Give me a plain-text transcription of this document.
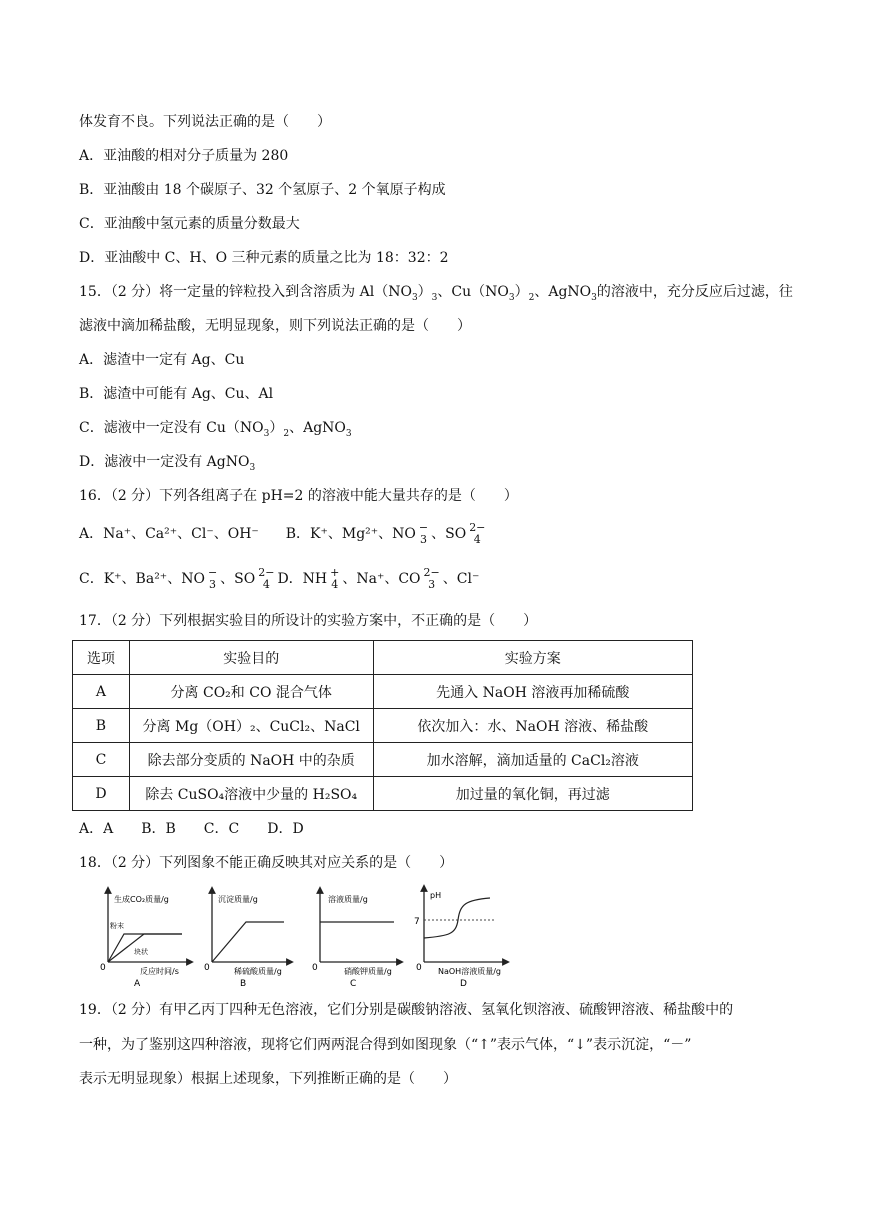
体发育不良。下列说法正确的是（　　）
A．亚油酸的相对分子质量为 280
B．亚油酸由 18 个碳原子、32 个氢原子、2 个氧原子构成
C．亚油酸中氢元素的质量分数最大
D．亚油酸中 C、H、O 三种元素的质量之比为 18：32：2
15．（2 分）将一定量的锌粒投入到含溶质为 $Al(NO_3)_3$、$Cu(NO_3)_2$、AgNO$_3$的溶液中，充分反应后过滤，往
滤液中滴加稀盐酸，无明显现象，则下列说法正确的是（　　）
A．滤渣中一定有 Ag、Cu
B．滤渣中可能有 Ag、Cu、Al
C．滤液中一定没有 $Cu(NO_3)_2$、AgNO$_3$
D．滤液中一定没有 AgNO$_3$
16．（2 分）下列各组离子在 pH=2 的溶液中能大量共存的是（　　）
A．Na⁺、Ca²⁺、Cl⁻、OH⁻ B．K⁺、Mg²⁺、NO −
3 、SO 2−
4
C．K⁺、Ba²⁺、NO −
3 、SO 2−
4 D．NH +
4 、Na⁺、CO 2−
3 、Cl⁻
17．（2 分）下列根据实验目的所设计的实验方案中，不正确的是（　　）
选项	实验目的	实验方案
A	分离 CO₂和 CO 混合气体	先通入 NaOH 溶液再加稀硫酸
B	分离 Mg（OH）₂、CuCl₂、NaCl	依次加入：水、NaOH 溶液、稀盐酸
C	除去部分变质的 NaOH 中的杂质	加水溶解，滴加适量的 CaCl₂溶液
D	除去 CuSO₄溶液中少量的 H₂SO₄	加过量的氧化铜，再过滤
A．A　　B．B　　C．C　　D．D
18．（2 分）下列图象不能正确反映其对应关系的是（　　）
生成CO₂质量/g
粉末
块状
0	反应时间/s
A
沉淀质量/g
0	稀硫酸质量/g
B
溶液质量/g
0	硝酸钾质量/g
C
pH
7
0 NaOH溶液质量/g
D
19．（2 分）有甲乙丙丁四种无色溶液，它们分别是碳酸钠溶液、氢氧化钡溶液、硫酸钾溶液、稀盐酸中的
一种，为了鉴别这四种溶液，现将它们两两混合得到如图现象（“↑”表示气体，“↓”表示沉淀，“－”
表示无明显现象）根据上述现象，下列推断正确的是（　　）
